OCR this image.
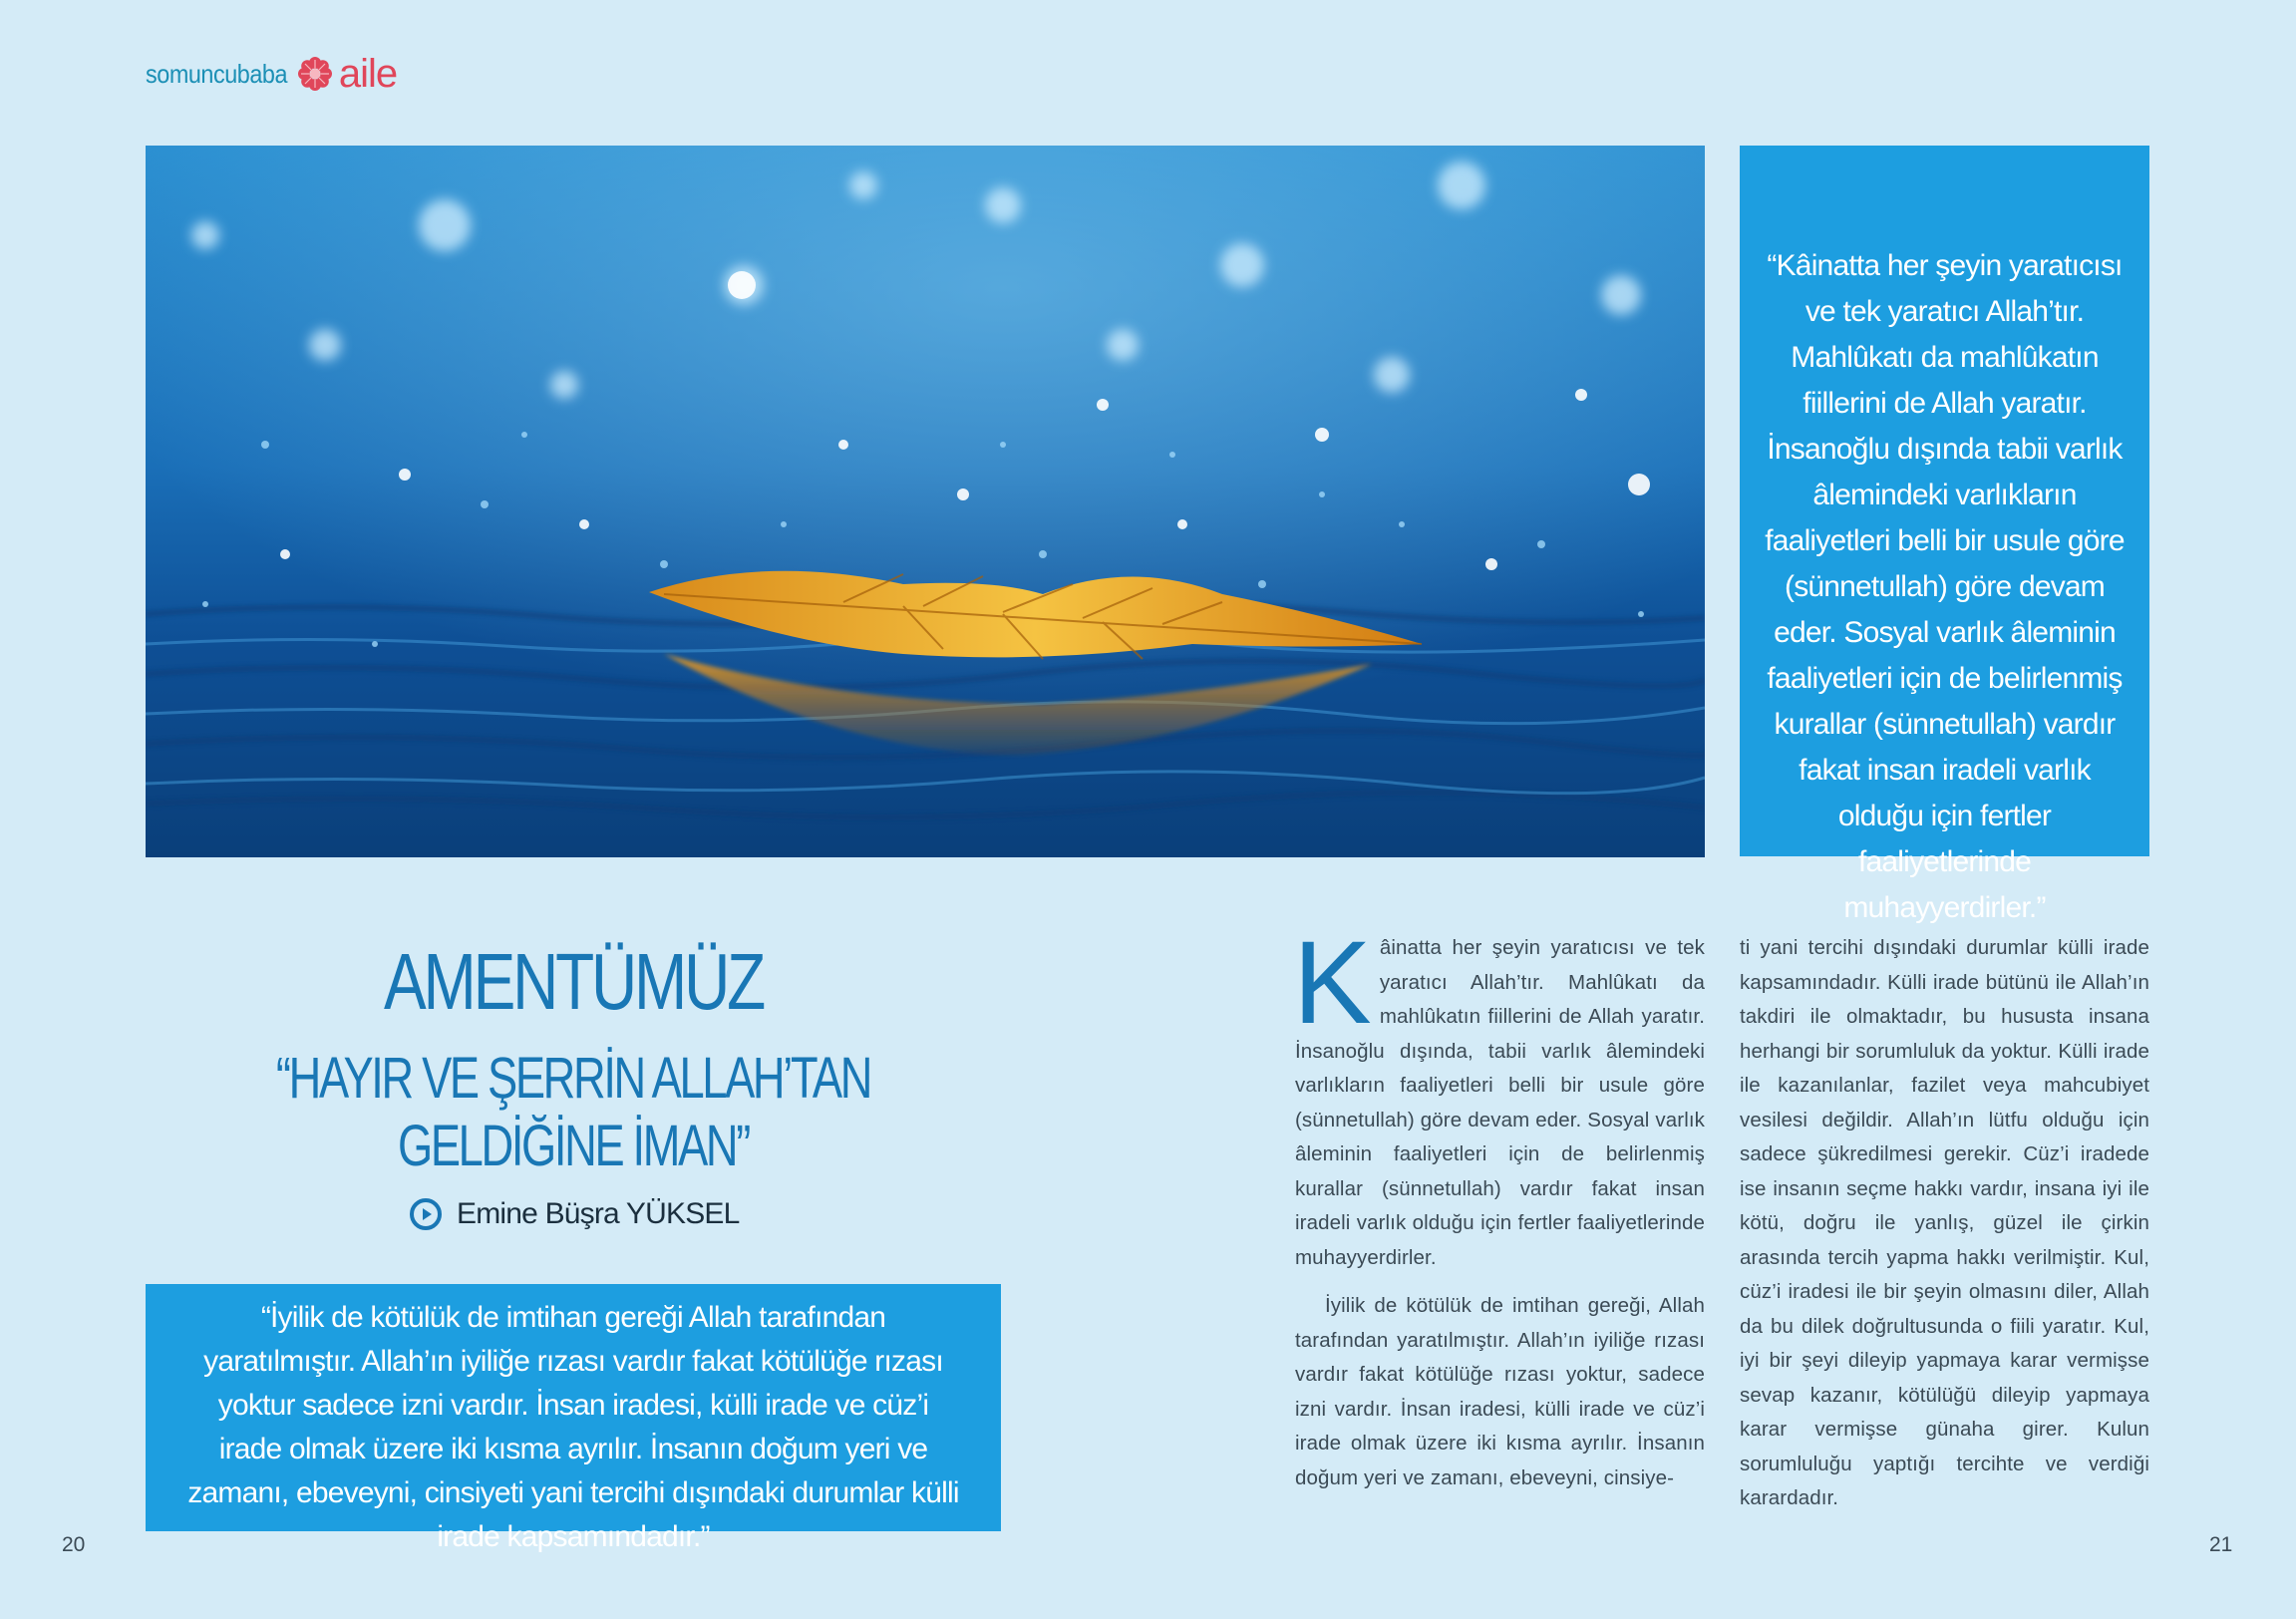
somuncubaba aile
“Kâinatta her şeyin yaratıcısı ve tek yaratıcı Allah’tır. Mahlûkatı da mahlûkatın fiillerini de Allah yaratır. İnsanoğlu dışında tabii varlık âlemindeki varlıkların faaliyetleri belli bir usule göre (sünnetullah) göre devam eder. Sosyal varlık âleminin faaliyetleri için de belirlenmiş kurallar (sünnetullah) vardır fakat insan iradeli varlık olduğu için fertler faaliyetlerinde muhayyerdirler.”
AMENTÜMÜZ
“HAYIR VE ŞERRİN ALLAH’TAN GELDİĞİNE İMAN”
Emine Büşra YÜKSEL
“İyilik de kötülük de imtihan gereği Allah tarafından yaratılmıştır. Allah’ın iyiliğe rızası vardır fakat kötülüğe rızası yoktur sadece izni vardır. İnsan iradesi, külli irade ve cüz’i irade olmak üzere iki kısma ayrılır. İnsanın doğum yeri ve zamanı, ebeveyni, cinsiyeti yani tercihi dışındaki durumlar külli irade kapsamındadır.”

Kâinatta her şeyin yaratıcısı ve tek yaratıcı Allah’tır. Mahlûkatı da mahlûkatın fiillerini de Allah yaratır. İnsanoğlu dışında, tabii varlık âlemindeki varlıkların faaliyetleri belli bir usule göre (sünnetullah) göre devam eder. Sosyal varlık âleminin faaliyetleri için de belirlenmiş kurallar (sünnetullah) vardır fakat insan iradeli varlık olduğu için fertler faaliyetlerinde muhayyerdirler.

İyilik de kötülük de imtihan gereği, Allah tarafından yaratılmıştır. Allah’ın iyiliğe rızası vardır fakat kötülüğe rızası yoktur, sadece izni vardır. İnsan iradesi, külli irade ve cüz’i irade olmak üzere iki kısma ayrılır. İnsanın doğum yeri ve zamanı, ebeveyni, cinsiye-

ti yani tercihi dışındaki durumlar külli irade kapsamındadır. Külli irade bütünü ile Allah’ın takdiri ile olmaktadır, bu hususta insana herhangi bir sorumluluk da yoktur. Külli irade ile kazanılanlar, fazilet veya mahcubiyet vesilesi değildir. Allah’ın lütfu olduğu için sadece şükredilmesi gerekir. Cüz’i iradede ise insanın seçme hakkı vardır, insana iyi ile kötü, doğru ile yanlış, güzel ile çirkin arasında tercih yapma hakkı verilmiştir. Kul, cüz’i iradesi ile bir şeyin olmasını diler, Allah da bu dilek doğrultusunda o fiili yaratır. Kul, iyi bir şeyi dileyip yapmaya karar vermişse sevap kazanır, kötülüğü dileyip yapmaya karar vermişse günaha girer. Kulun sorumluluğu yaptığı tercihte ve verdiği karardadır.

20	21
